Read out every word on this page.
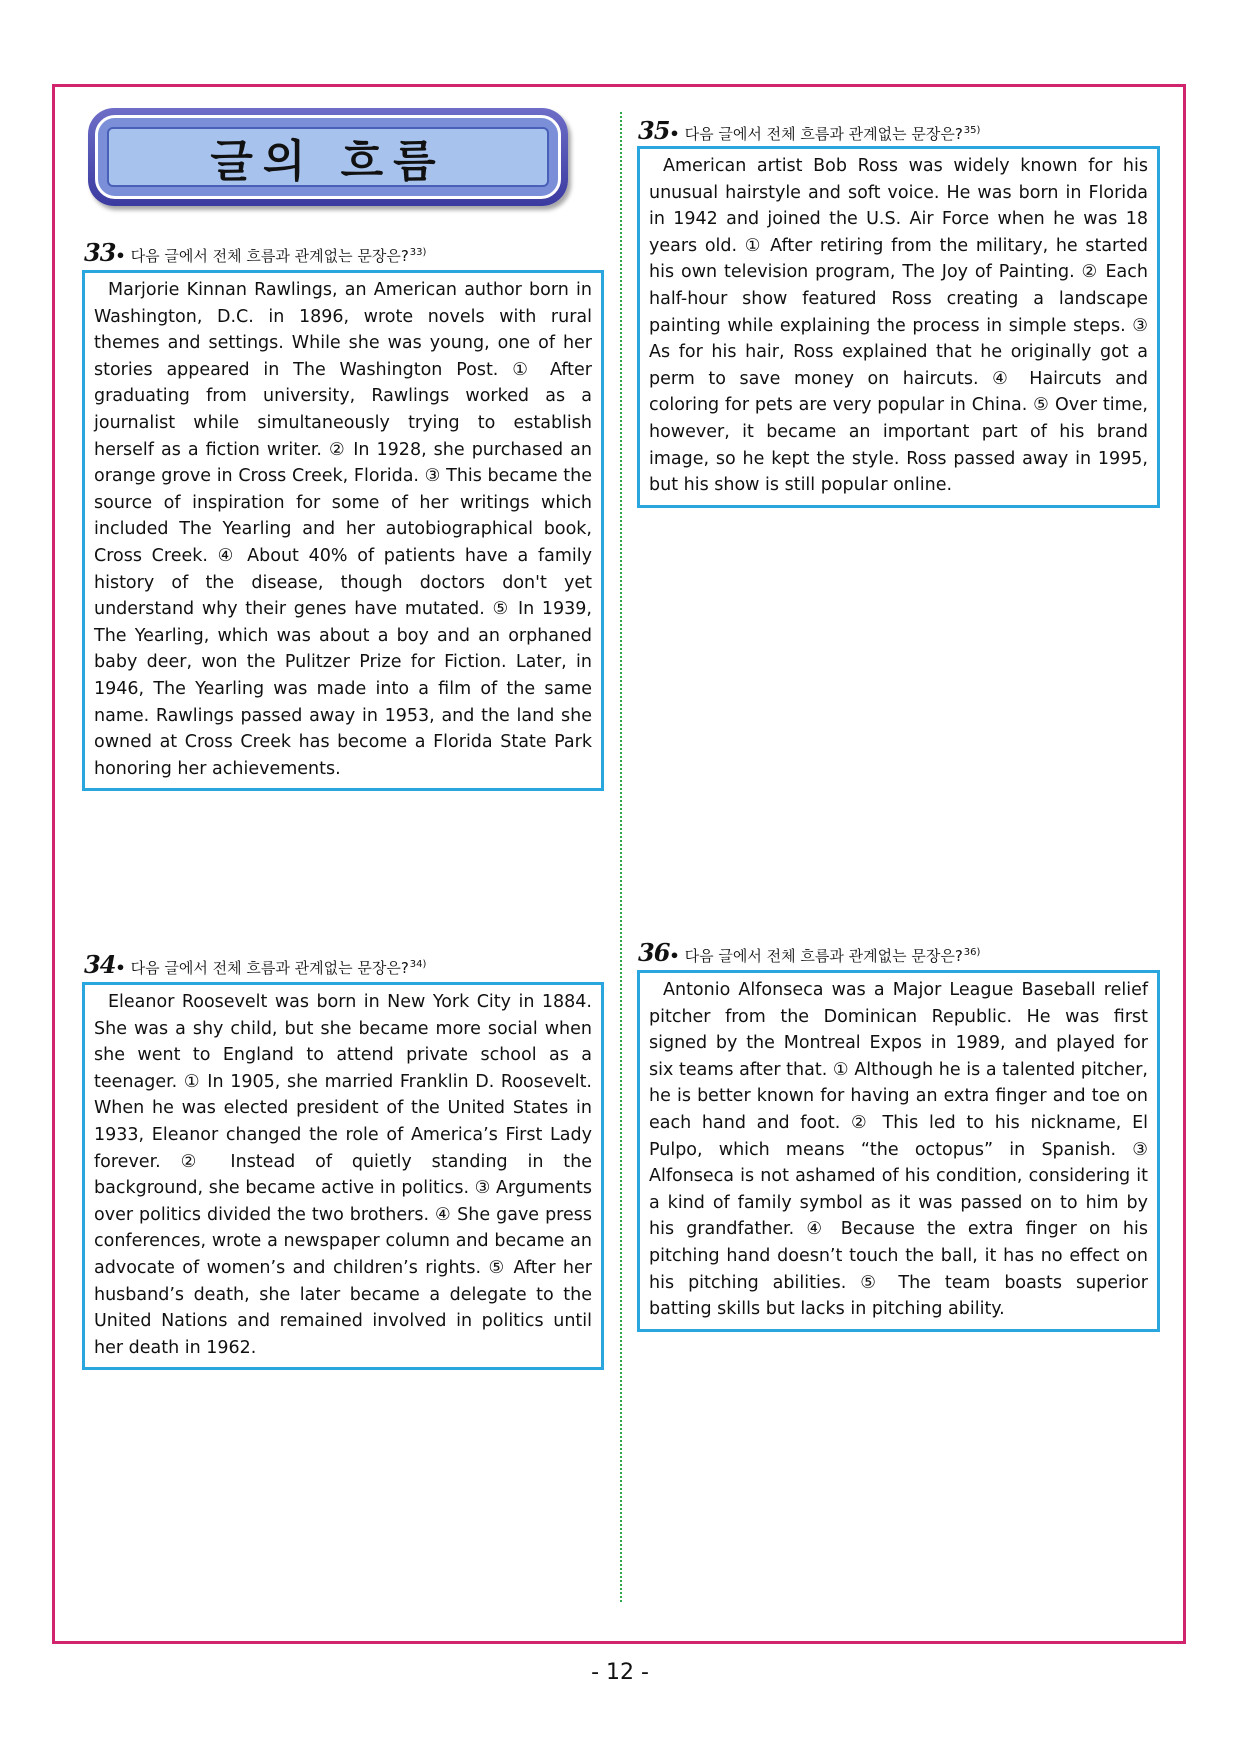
글의 흐름
33• 다음 글에서 전체 흐름과 관계없는 문장은? 33)

Marjorie Kinnan Rawlings, an American author born in Washington, D.C. in 1896, wrote novels with rural themes and settings. While she was young, one of her stories appeared in The Washington Post. ① After graduating from university, Rawlings worked as a journalist while simultaneously trying to establish herself as a fiction writer. ② In 1928, she purchased an orange grove in Cross Creek, Florida. ③ This became the source of inspiration for some of her writings which included The Yearling and her autobiographical book, Cross Creek. ④ About 40% of patients have a family history of the disease, though doctors don't yet understand why their genes have mutated. ⑤ In 1939, The Yearling, which was about a boy and an orphaned baby deer, won the Pulitzer Prize for Fiction. Later, in 1946, The Yearling was made into a film of the same name. Rawlings passed away in 1953, and the land she owned at Cross Creek has become a Florida State Park honoring her achievements.

34• 다음 글에서 전체 흐름과 관계없는 문장은? 34)

Eleanor Roosevelt was born in New York City in 1884. She was a shy child, but she became more social when she went to England to attend private school as a teenager. ① In 1905, she married Franklin D. Roosevelt. When he was elected president of the United States in 1933, Eleanor changed the role of America’s First Lady forever. ② Instead of quietly standing in the background, she became active in politics. ③ Arguments over politics divided the two brothers. ④ She gave press conferences, wrote a newspaper column and became an advocate of women’s and children’s rights. ⑤ After her husband’s death, she later became a delegate to the United Nations and remained involved in politics until her death in 1962.

35• 다음 글에서 전체 흐름과 관계없는 문장은? 35)

American artist Bob Ross was widely known for his unusual hairstyle and soft voice. He was born in Florida in 1942 and joined the U.S. Air Force when he was 18 years old. ① After retiring from the military, he started his own television program, The Joy of Painting. ② Each half-hour show featured Ross creating a landscape painting while explaining the process in simple steps. ③ As for his hair, Ross explained that he originally got a perm to save money on haircuts. ④ Haircuts and coloring for pets are very popular in China. ⑤ Over time, however, it became an important part of his brand image, so he kept the style. Ross passed away in 1995, but his show is still popular online.

36• 다음 글에서 전체 흐름과 관계없는 문장은? 36)

Antonio Alfonseca was a Major League Baseball relief pitcher from the Dominican Republic. He was first signed by the Montreal Expos in 1989, and played for six teams after that. ① Although he is a talented pitcher, he is better known for having an extra finger and toe on each hand and foot. ② This led to his nickname, El Pulpo, which means “the octopus” in Spanish. ③ Alfonseca is not ashamed of his condition, considering it a kind of family symbol as it was passed on to him by his grandfather. ④ Because the extra finger on his pitching hand doesn’t touch the ball, it has no effect on his pitching abilities. ⑤ The team boasts superior batting skills but lacks in pitching ability.

- 12 -
